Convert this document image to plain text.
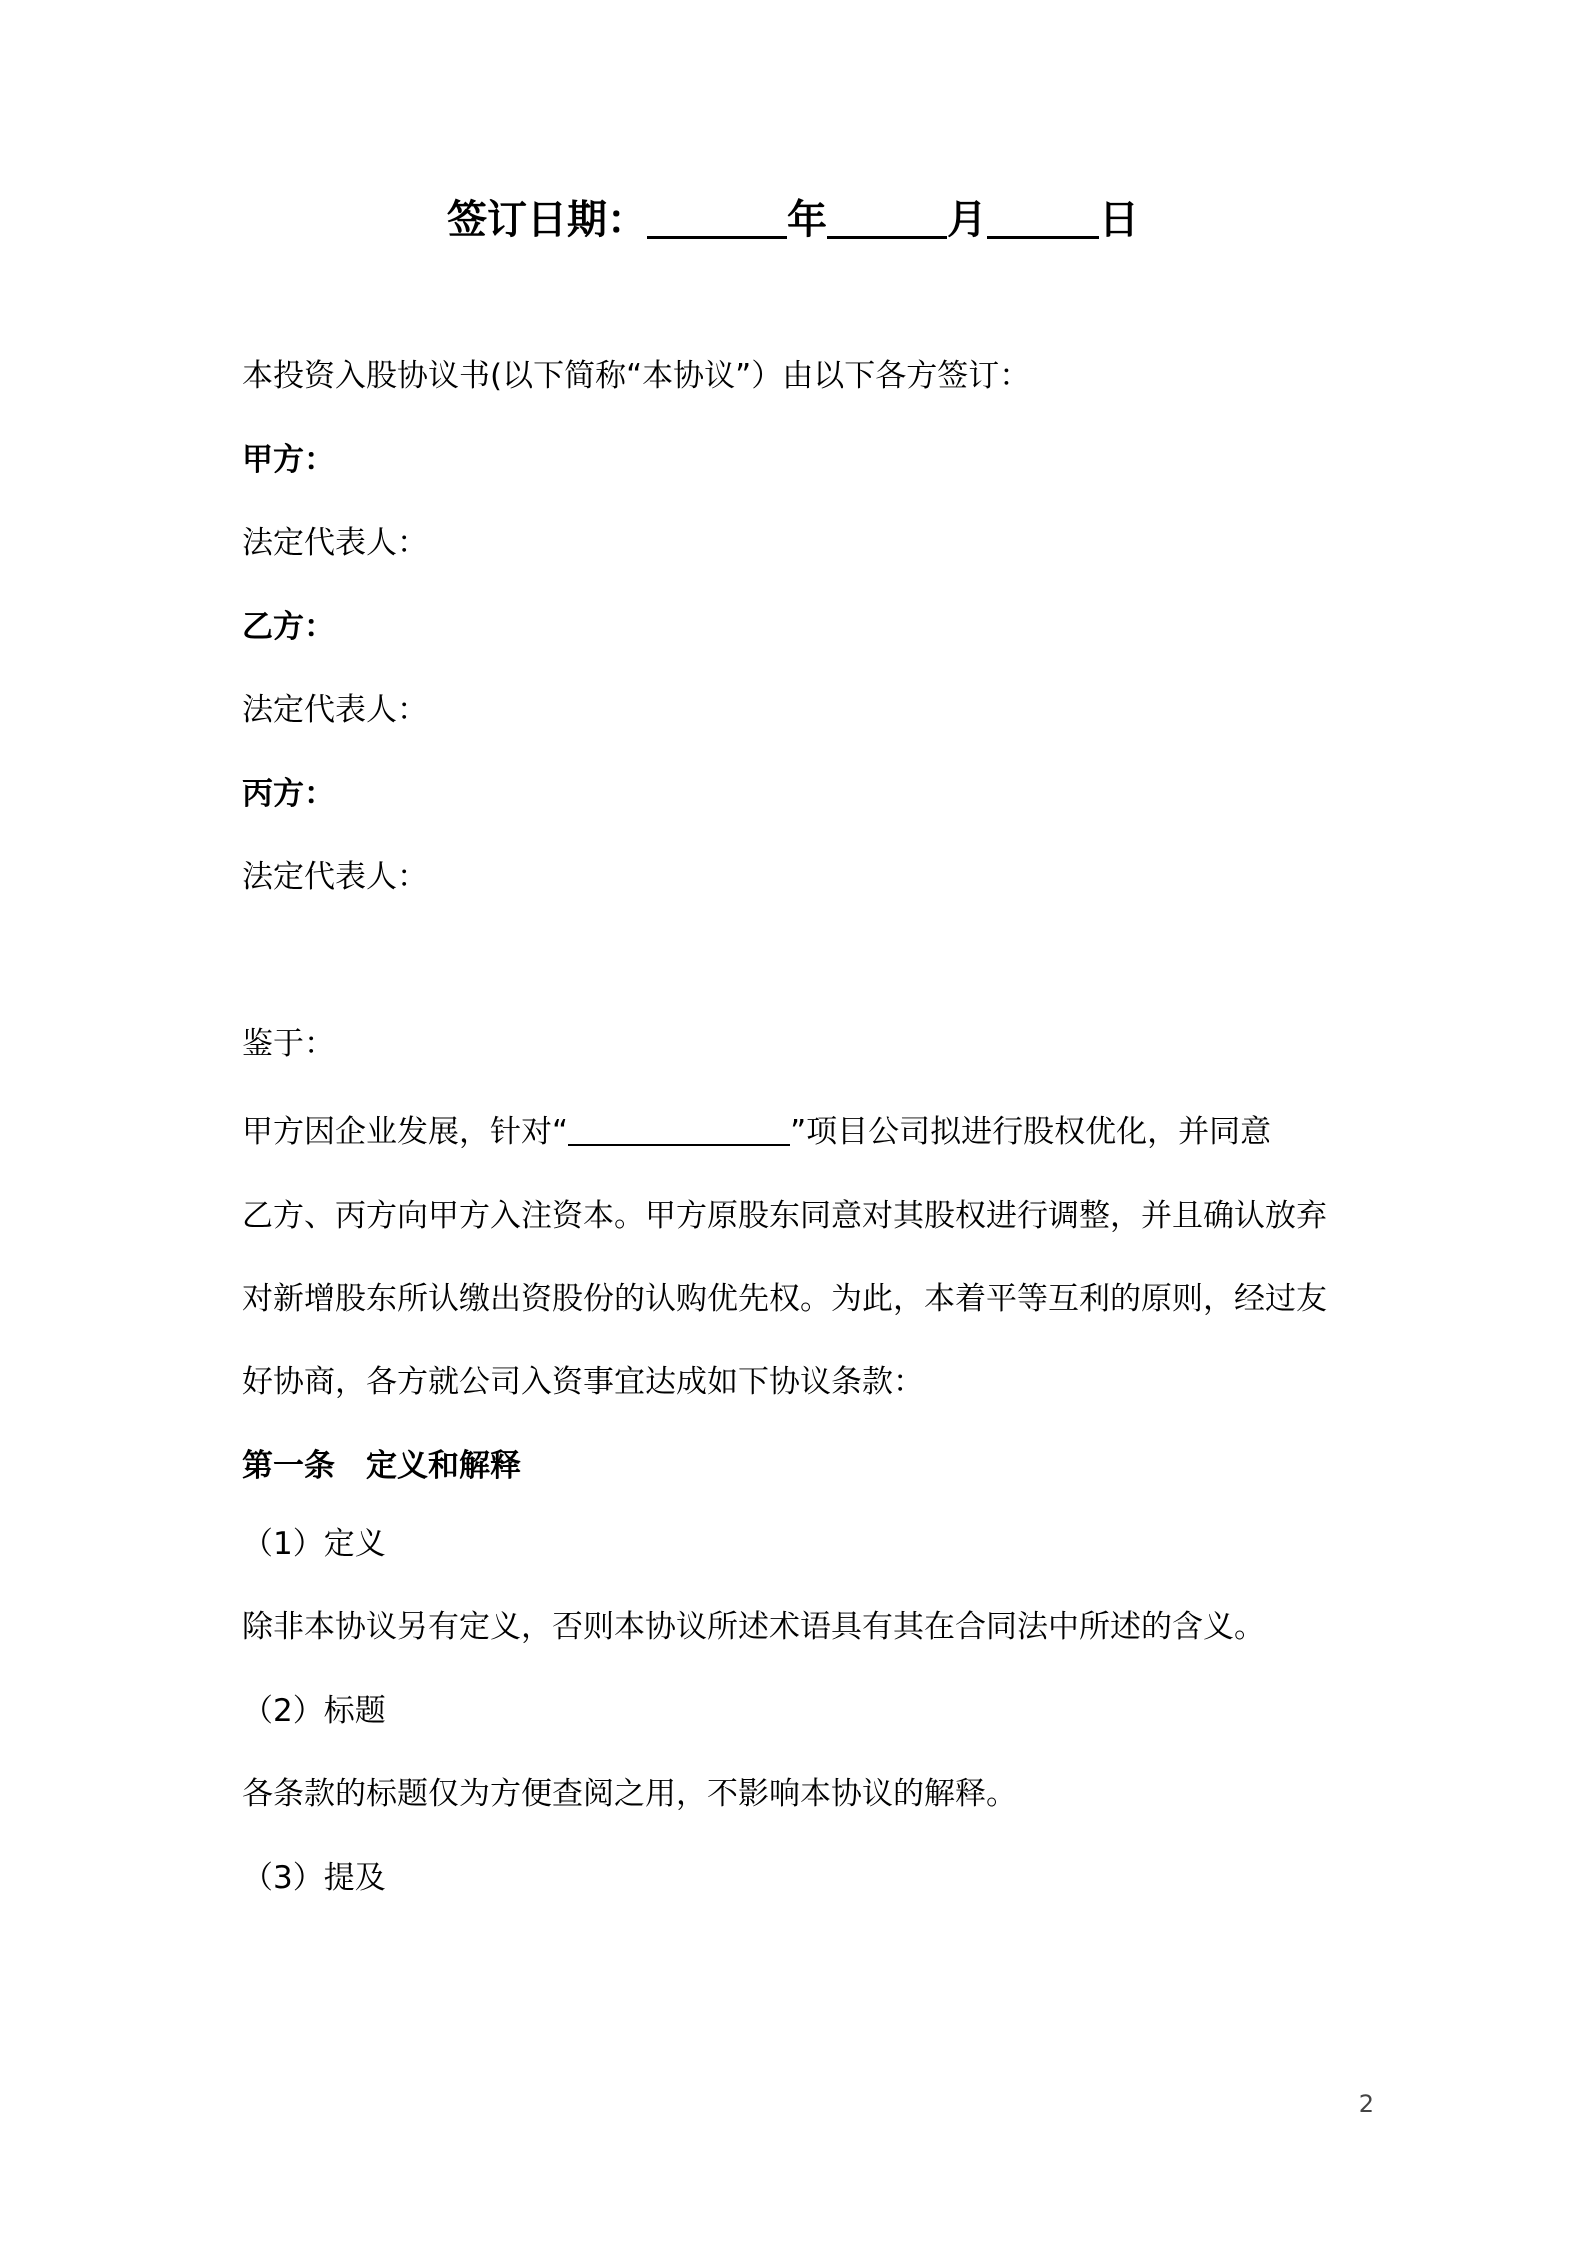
签订日期：	年	月	日
本投资入股协议书(以下简称“本协议”）由以下各方签订：
甲方：
法定代表人：
乙方：
法定代表人：
丙方：
法定代表人：
鉴于：
甲方因企业发展，针对“	”项目公司拟进行股权优化，并同意
乙方、丙方向甲方入注资本。甲方原股东同意对其股权进行调整，并且确认放弃
对新增股东所认缴出资股份的认购优先权。为此，本着平等互利的原则，经过友
好协商，各方就公司入资事宜达成如下协议条款：
第一条　定义和解释
（1）定义
除非本协议另有定义，否则本协议所述术语具有其在合同法中所述的含义。
（2）标题
各条款的标题仅为方便查阅之用，不影响本协议的解释。
（3）提及
2
